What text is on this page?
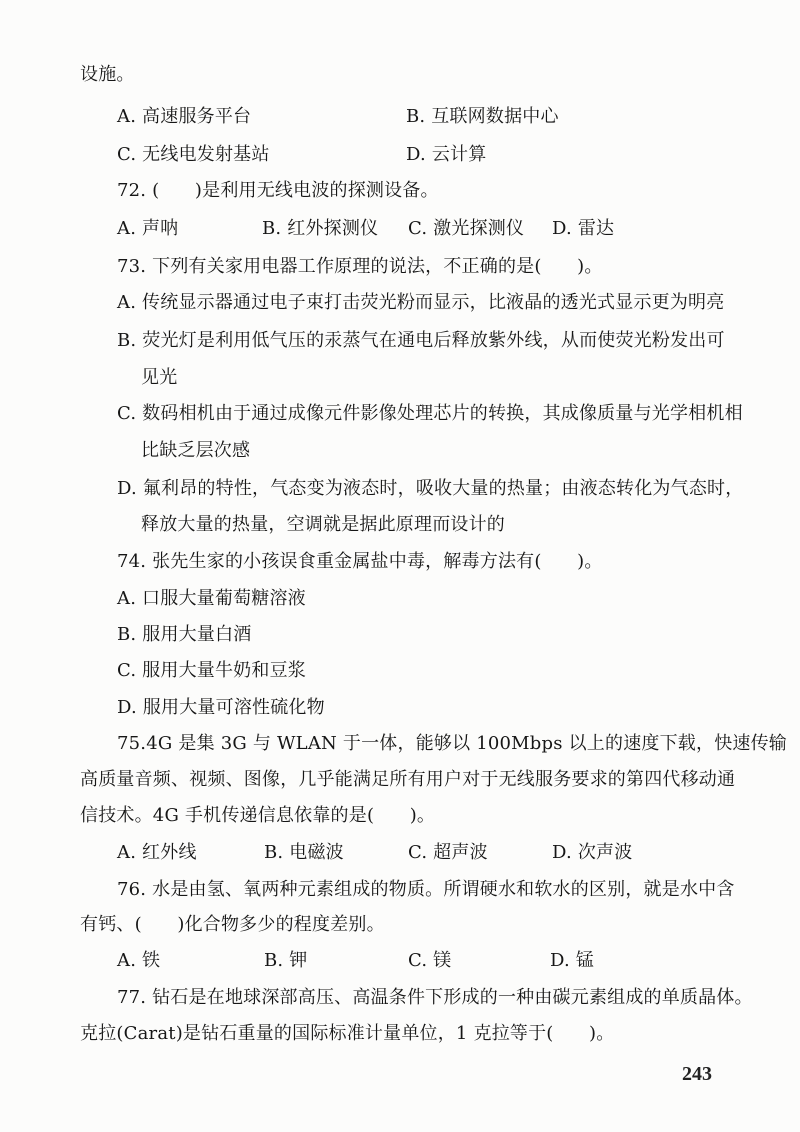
设施。
A. 高速服务平台	B. 互联网数据中心
C. 无线电发射基站	D. 云计算
72. (      )是利用无线电波的探测设备。
A. 声呐	B. 红外探测仪 C. 激光探测仪 D. 雷达
73. 下列有关家用电器工作原理的说法，不正确的是(      )。
A. 传统显示器通过电子束打击荧光粉而显示，比液晶的透光式显示更为明亮
B. 荧光灯是利用低气压的汞蒸气在通电后释放紫外线，从而使荧光粉发出可
见光
C. 数码相机由于通过成像元件影像处理芯片的转换，其成像质量与光学相机相
比缺乏层次感
D. 氟利昂的特性，气态变为液态时，吸收大量的热量；由液态转化为气态时，
释放大量的热量，空调就是据此原理而设计的
74. 张先生家的小孩误食重金属盐中毒，解毒方法有(      )。
A. 口服大量葡萄糖溶液
B. 服用大量白酒
C. 服用大量牛奶和豆浆
D. 服用大量可溶性硫化物
75.4G 是集 3G 与 WLAN 于一体，能够以 100Mbps 以上的速度下载，快速传输
高质量音频、视频、图像，几乎能满足所有用户对于无线服务要求的第四代移动通
信技术。4G 手机传递信息依靠的是(      )。
A. 红外线	B. 电磁波	C. 超声波	D. 次声波
76. 水是由氢、氧两种元素组成的物质。所谓硬水和软水的区别，就是水中含
有钙、(      )化合物多少的程度差别。
A. 铁	B. 钾	C. 镁	D. 锰
77. 钻石是在地球深部高压、高温条件下形成的一种由碳元素组成的单质晶体。
克拉(Carat)是钻石重量的国际标准计量单位，1 克拉等于(      )。
243
